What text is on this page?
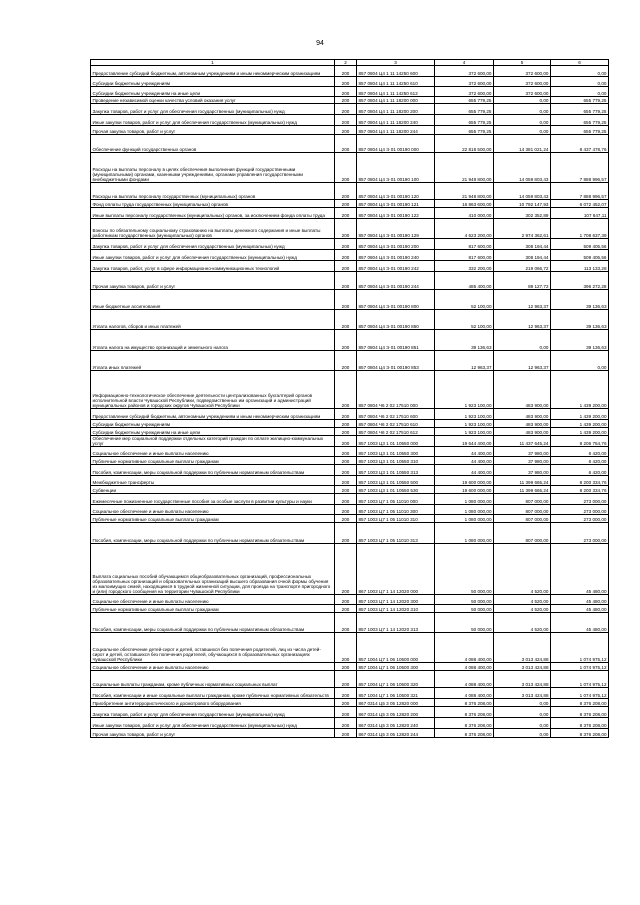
94
1	2	3	4	5	6
Предоставление субсидий бюджетным, автономным учреждениям и иным некоммерческим организациям	200	857 0804 Ц4 1 11 14250 600	372 600,00	372 600,00	0,00
Субсидии бюджетным учреждениям	200	857 0804 Ц4 1 11 14250 610	372 600,00	372 600,00	0,00
Субсидии бюджетным учреждениям на иные цели	200	857 0804 Ц4 1 11 14250 612	372 600,00	372 600,00	0,00
Проведение независимой оценки качества условий оказания услуг	200	857 0804 Ц4 1 11 18200 000	655 779,25	0,00	655 779,25
Закупка товаров, работ и услуг для обеспечения государственных (муниципальных) нужд	200	857 0804 Ц4 1 11 18200 200	655 779,25	0,00	655 779,25
Иные закупки товаров, работ и услуг для обеспечения государственных (муниципальных) нужд	200	857 0804 Ц4 1 11 18200 240	655 779,25	0,00	655 779,25
Прочая закупка товаров, работ и услуг	200	857 0804 Ц4 1 11 18200 244	655 779,25	0,00	655 779,25
Обеспечение функций государственных органов	200	857 0804 Ц4 Э 01 00190 000	22 818 500,00	14 381 021,24	8 437 478,76
Расходы на выплаты персоналу в целях обеспечения выполнения функций государственными (муниципальными) органами, казенными учреждениями, органами управления государственными внебюджетными фондами	200	857 0804 Ц4 Э 01 00190 100	21 948 800,00	14 059 803,43	7 888 996,57
Расходы на выплаты персоналу государственных (муниципальных) органов	200	857 0804 Ц4 Э 01 00190 120	21 948 800,00	14 059 803,43	7 888 996,57
Фонд оплаты труда государственных (муниципальных) органов	200	857 0804 Ц4 Э 01 00190 121	16 863 600,00	10 792 147,93	6 072 452,07
Иные выплаты персоналу государственных (муниципальных) органов, за исключением фонда оплаты труда	200	857 0804 Ц4 Э 01 00190 122	410 000,00	302 352,89	107 647,11
Взносы по обязательному социальному страхованию на выплаты денежного содержания и иные выплаты работникам государственных (муниципальных) органов	200	857 0804 Ц4 Э 01 00190 129	4 623 200,00	2 974 362,61	1 708 637,39
Закупка товаров, работ и услуг для обеспечения государственных (муниципальных) нужд	200	857 0804 Ц4 Э 01 00190 200	817 600,00	308 194,44	509 405,56
Иные закупки товаров, работ и услуг для обеспечения государственных (муниципальных) нужд	200	857 0804 Ц4 Э 01 00190 240	817 600,00	308 194,44	509 405,56
Закупка товаров, работ, услуг в сфере информационно-коммуникационных технологий	200	857 0804 Ц4 Э 01 00190 242	332 200,00	219 066,72	113 133,28
Прочая закупка товаров, работ и услуг	200	857 0804 Ц4 Э 01 00190 244	485 400,00	89 127,72	396 272,28
Иные бюджетные ассигнования	200	857 0804 Ц4 Э 01 00190 800	52 100,00	12 963,37	39 136,63
Уплата налогов, сборов и иных платежей	200	857 0804 Ц4 Э 01 00190 850	52 100,00	12 963,37	39 136,63
Уплата налога на имущество организаций и земельного налога	200	857 0804 Ц4 Э 01 00190 851	39 136,63	0,00	39 136,63
Уплата иных платежей	200	857 0804 Ц4 Э 01 00190 853	12 963,37	12 963,37	0,00
Информационно-технологическое обеспечение деятельности централизованных бухгалтерий органов исполнительной власти Чувашской Республики, подведомственных им организаций и администраций муниципальных районов и городских округов Чувашской Республики	200	857 0804 Ч6 2 02 17510 000	1 923 100,00	483 900,00	1 439 200,00
Предоставление субсидий бюджетным, автономным учреждениям и иным некоммерческим организациям	200	857 0804 Ч6 2 02 17510 600	1 923 100,00	483 900,00	1 439 200,00
Субсидии бюджетным учреждениям	200	857 0804 Ч6 2 02 17510 610	1 923 100,00	483 900,00	1 439 200,00
Субсидии бюджетным учреждениям на иные цели	200	857 0804 Ч6 2 02 17510 612	1 923 100,00	483 900,00	1 439 200,00
Обеспечение мер социальной поддержки отдельных категорий граждан по оплате жилищно-коммунальных услуг	200	857 1003 Ц3 1 01 10550 000	19 644 400,00	11 437 645,24	8 206 754,76
Социальное обеспечение и иные выплаты населению	200	857 1003 Ц3 1 01 10550 300	44 400,00	37 980,00	6 420,00
Публичные нормативные социальные выплаты гражданам	200	857 1003 Ц3 1 01 10550 310	44 400,00	37 980,00	6 420,00
Пособия, компенсации, меры социальной поддержки по публичным нормативным обязательствам	200	857 1003 Ц3 1 01 10550 313	44 400,00	37 980,00	6 420,00
Межбюджетные трансферты	200	857 1003 Ц3 1 01 10550 500	19 600 000,00	11 399 665,24	8 200 334,76
Субвенции	200	857 1003 Ц3 1 01 10550 530	19 600 000,00	11 399 665,24	8 200 334,76
Ежемесячные пожизненные государственные пособия за особые заслуги в развитии культуры и науки	200	857 1003 Ц7 1 05 11010 000	1 080 000,00	807 000,00	273 000,00
Социальное обеспечение и иные выплаты населению	200	857 1003 Ц7 1 05 11010 300	1 080 000,00	807 000,00	273 000,00
Публичные нормативные социальные выплаты гражданам	200	857 1003 Ц7 1 05 11010 310	1 080 000,00	807 000,00	273 000,00
Пособия, компенсации, меры социальной поддержки по публичным нормативным обязательствам	200	857 1003 Ц7 1 05 11010 313	1 080 000,00	807 000,00	273 000,00
Выплата социальных пособий обучающимся общеобразовательных организаций, профессиональных образовательных организаций и образовательных организаций высшего образования очной формы обучения из малоимущих семей, находящимся в трудной жизненной ситуации, для проезда на транспорте пригородного и (или) городского сообщения на территории Чувашской Республики	200	867 1003 Ц7 1 14 12020 000	50 000,00	4 520,00	45 480,00
Социальное обеспечение и иные выплаты населению	200	857 1003 Ц7 1 14 12020 300	50 000,00	4 520,00	45 480,00
Публичные нормативные социальные выплаты гражданам	200	857 1003 Ц7 1 14 12020 310	50 000,00	4 520,00	45 480,00
Пособия, компенсации, меры социальной поддержки по публичным нормативным обязательствам	200	857 1003 Ц7 1 14 12020 313	50 000,00	4 520,00	45 480,00
Социальное обеспечение детей-сирот и детей, оставшихся без попечения родителей, лиц из числа детей-сирот и детей, оставшихся без попечения родителей, обучающихся в образовательных организациях Чувашской Республики	200	857 1004 Ц7 1 06 10500 000	4 088 400,00	3 013 424,88	1 074 975,12
Социальное обеспечение и иные выплаты населению	200	857 1004 Ц7 1 06 10500 300	4 088 400,00	3 013 424,88	1 074 975,12
Социальные выплаты гражданам, кроме публичных нормативных социальных выплат	200	857 1004 Ц7 1 06 10500 320	4 088 400,00	3 013 424,88	1 074 975,12
Пособия, компенсации и иные социальные выплаты гражданам, кроме публичных нормативных обязательств	200	857 1004 Ц7 1 06 10500 321	4 088 400,00	3 013 424,88	1 074 975,12
Приобретение антитеррористического и досмотрового оборудования	200	867 0314 Ц5 3 05 12820 000	8 376 208,00	0,00	8 376 208,00
Закупка товаров, работ и услуг для обеспечения государственных (муниципальных) нужд	200	867 0314 Ц5 3 05 12820 200	8 376 208,00	0,00	8 376 208,00
Иные закупки товаров, работ и услуг для обеспечения государственных (муниципальных) нужд	200	867 0314 Ц5 3 05 12820 240	8 376 208,00	0,00	8 376 208,00
Прочая закупка товаров, работ и услуг	200	867 0314 Ц5 3 05 12820 244	8 376 208,00	0,00	8 376 208,00
